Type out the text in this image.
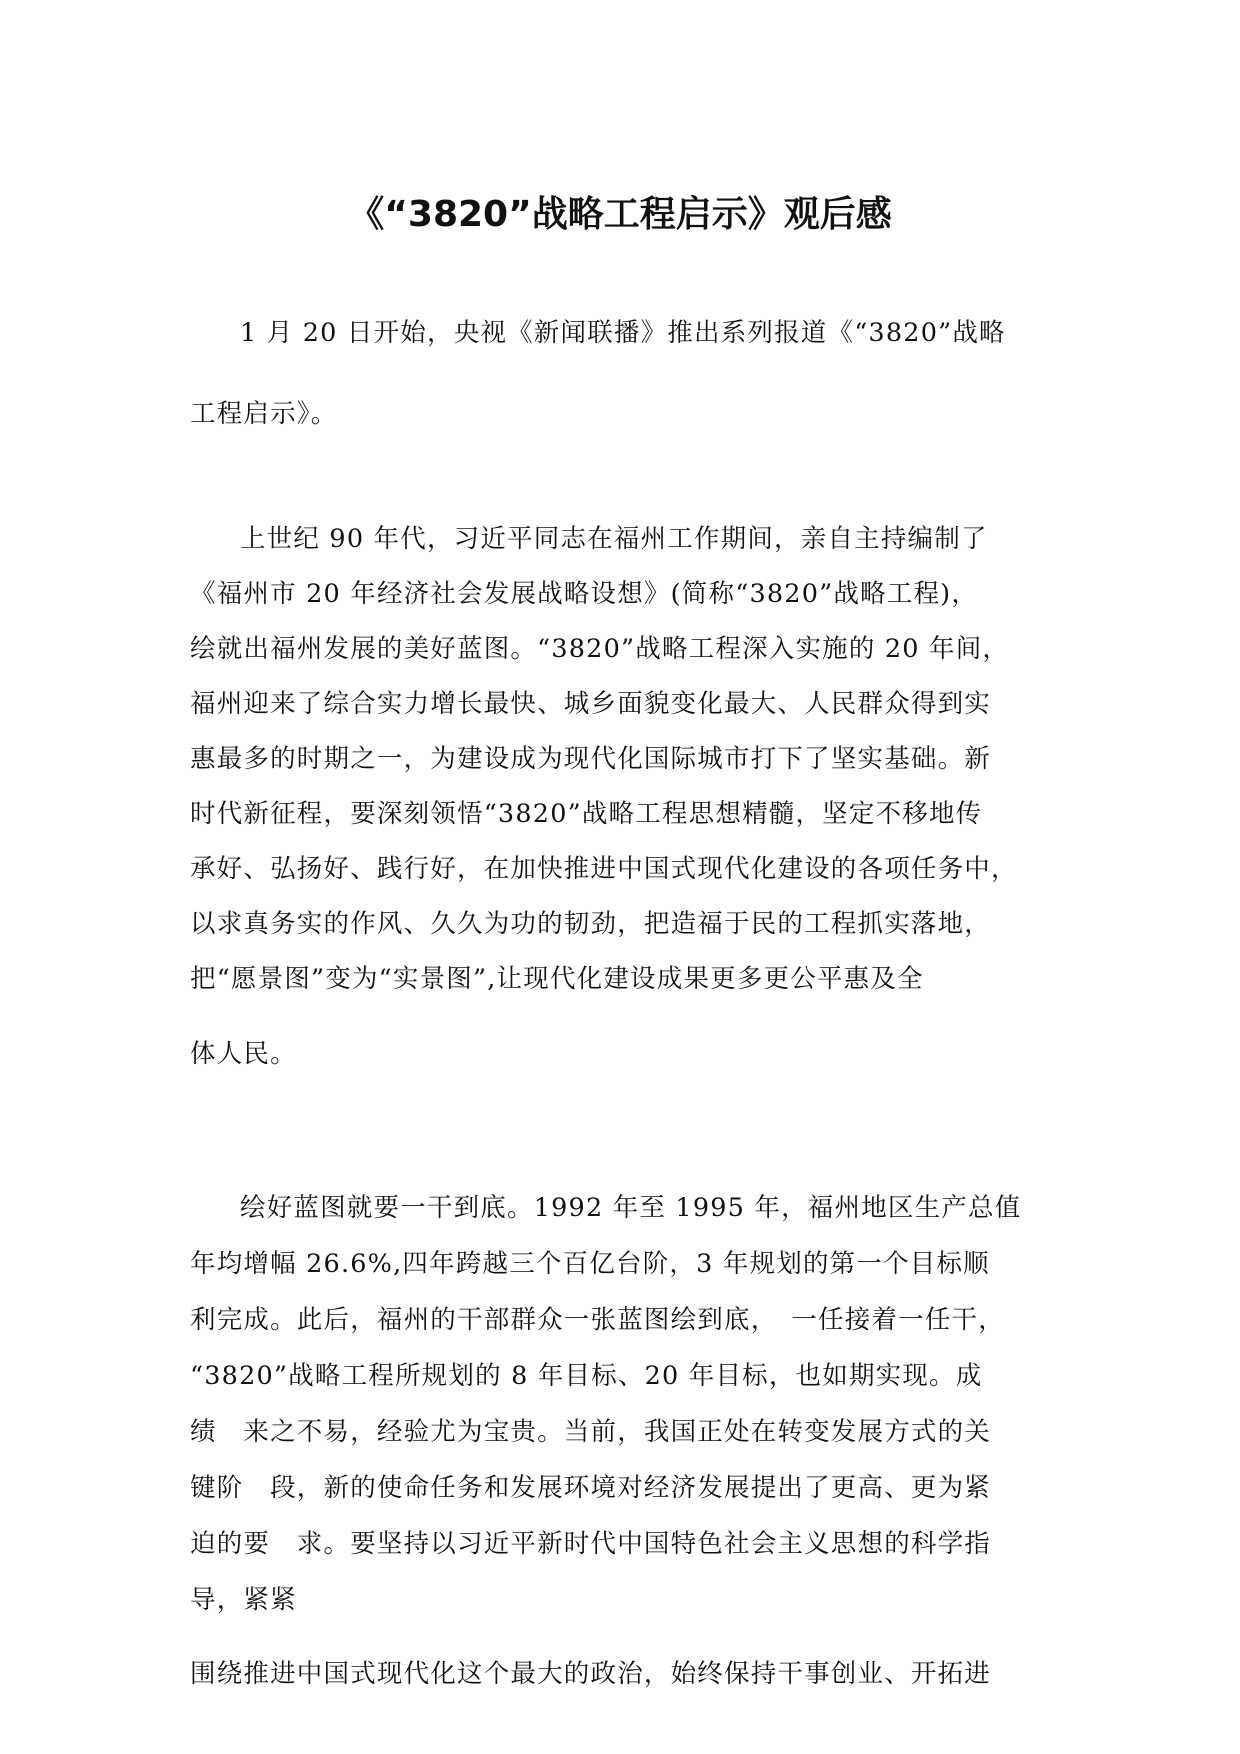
《“3820”战略工程启示》观后感
1 月 20 日开始，央视《新闻联播》推出系列报道《“3820”战略
工程启示》。
上世纪 90 年代，习近平同志在福州工作期间，亲自主持编制了
《福州市 20 年经济社会发展战略设想》(简称“3820”战略工程)，
绘就出福州发展的美好蓝图。“3820”战略工程深入实施的 20 年间，
福州迎来了综合实力增长最快、城乡面貌变化最大、人民群众得到实
惠最多的时期之一，为建设成为现代化国际城市打下了坚实基础。新
时代新征程，要深刻领悟“3820”战略工程思想精髓，坚定不移地传
承好、弘扬好、践行好，在加快推进中国式现代化建设的各项任务中，
以求真务实的作风、久久为功的韧劲，把造福于民的工程抓实落地，
把“愿景图”变为“实景图”,让现代化建设成果更多更公平惠及全
体人民。
绘好蓝图就要一干到底。1992 年至 1995 年，福州地区生产总值
年均增幅 26.6%,四年跨越三个百亿台阶，3 年规划的第一个目标顺
利完成。此后，福州的干部群众一张蓝图绘到底，　一任接着一任干，
“3820”战略工程所规划的 8 年目标、20 年目标，也如期实现。成
绩　来之不易，经验尤为宝贵。当前，我国正处在转变发展方式的关
键阶　段，新的使命任务和发展环境对经济发展提出了更高、更为紧
迫的要　求。要坚持以习近平新时代中国特色社会主义思想的科学指
导，紧紧
围绕推进中国式现代化这个最大的政治，始终保持干事创业、开拓进
